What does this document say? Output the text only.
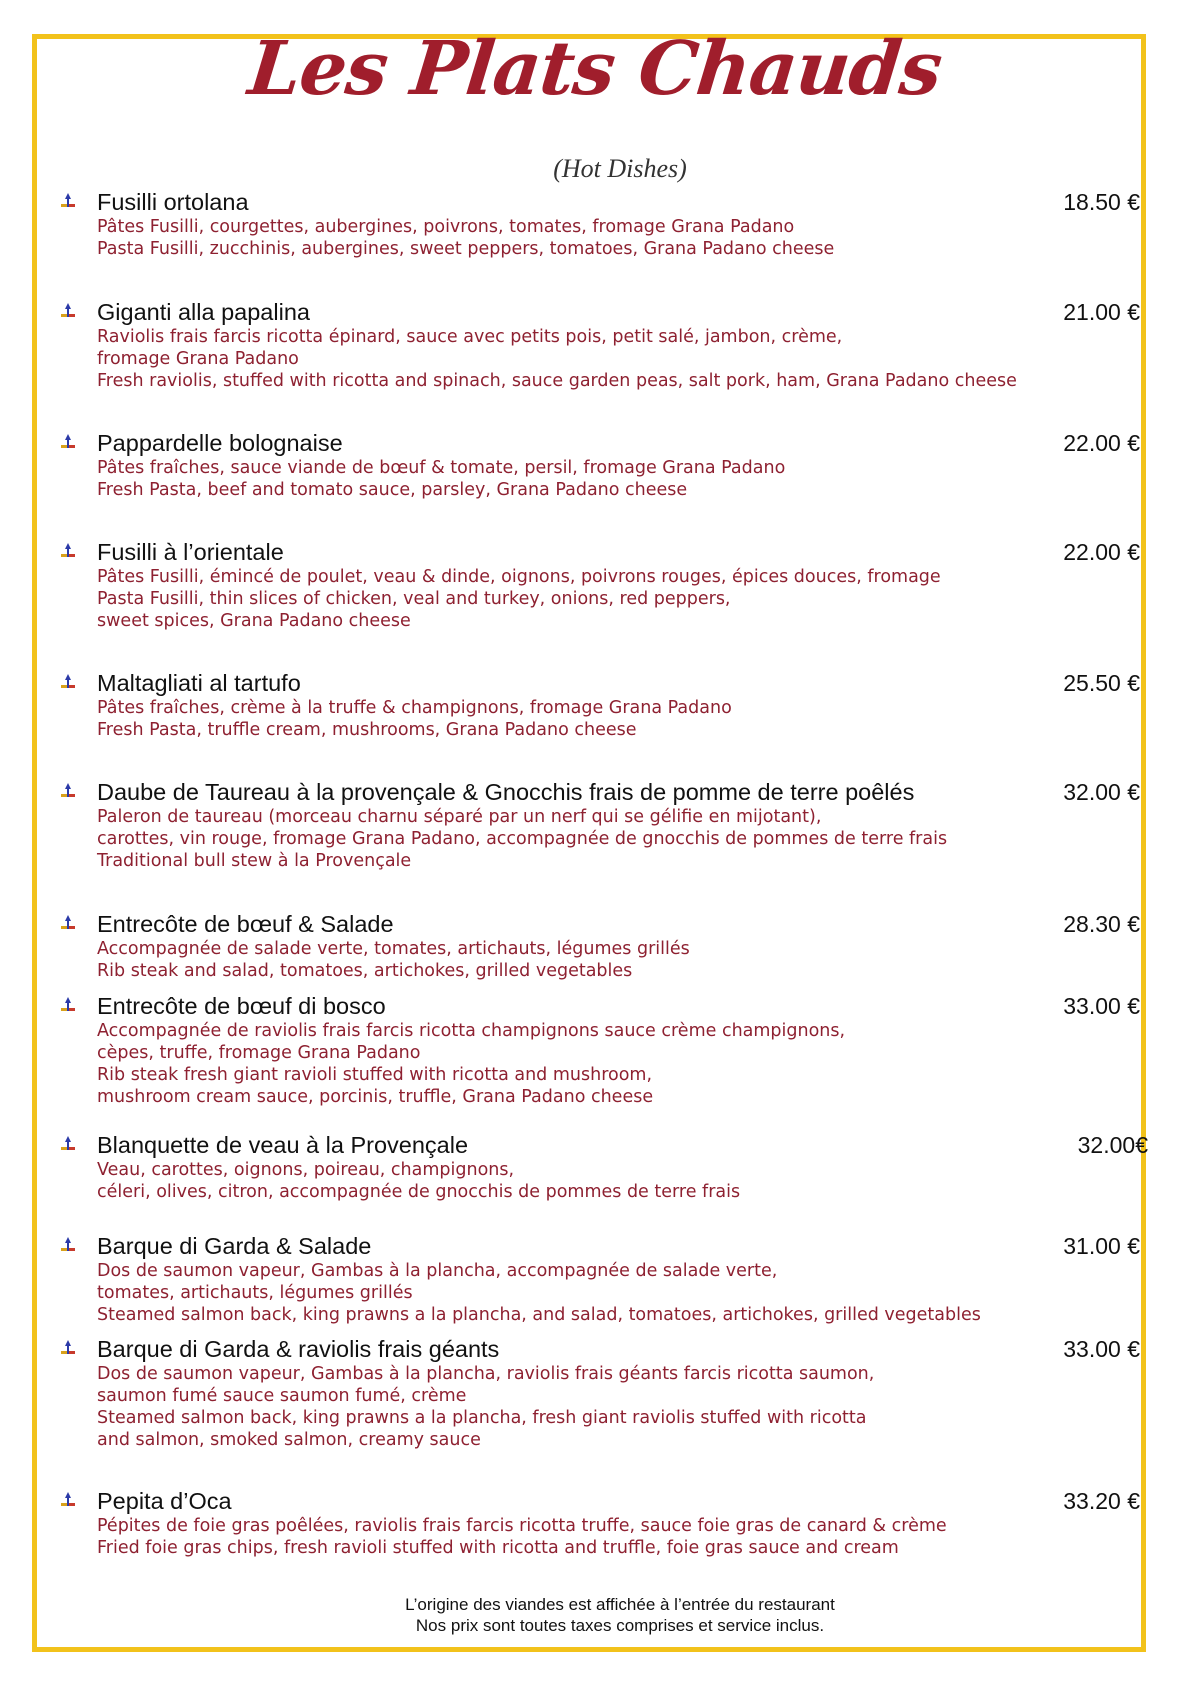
Les Plats Chauds
(Hot Dishes)
Fusilli ortolana	18.50 €
Pâtes Fusilli, courgettes, aubergines, poivrons, tomates, fromage Grana Padano
Pasta Fusilli, zucchinis, aubergines, sweet peppers, tomatoes, Grana Padano cheese
Giganti alla papalina	21.00 €
Raviolis frais farcis ricotta épinard, sauce avec petits pois, petit salé, jambon, crème,
fromage Grana Padano
Fresh raviolis, stuffed with ricotta and spinach, sauce garden peas, salt pork, ham, Grana Padano cheese
Pappardelle bolognaise	22.00 €
Pâtes fraîches, sauce viande de bœuf & tomate, persil, fromage Grana Padano
Fresh Pasta, beef and tomato sauce, parsley, Grana Padano cheese
Fusilli à l’orientale	22.00 €
Pâtes Fusilli, émincé de poulet, veau & dinde, oignons, poivrons rouges, épices douces, fromage
Pasta Fusilli, thin slices of chicken, veal and turkey, onions, red peppers,
sweet spices, Grana Padano cheese
Maltagliati al tartufo	25.50 €
Pâtes fraîches, crème à la truffe & champignons, fromage Grana Padano
Fresh Pasta, truffle cream, mushrooms, Grana Padano cheese
Daube de Taureau à la provençale & Gnocchis frais de pomme de terre poêlés	32.00 €
Paleron de taureau (morceau charnu séparé par un nerf qui se gélifie en mijotant),
carottes, vin rouge, fromage Grana Padano, accompagnée de gnocchis de pommes de terre frais
Traditional bull stew à la Provençale
Entrecôte de bœuf & Salade	28.30 €
Accompagnée de salade verte, tomates, artichauts, légumes grillés
Rib steak and salad, tomatoes, artichokes, grilled vegetables
Entrecôte de bœuf di bosco	33.00 €
Accompagnée de raviolis frais farcis ricotta champignons sauce crème champignons,
cèpes, truffe, fromage Grana Padano
Rib steak fresh giant ravioli stuffed with ricotta and mushroom,
mushroom cream sauce, porcinis, truffle, Grana Padano cheese
Blanquette de veau à la Provençale	32.00€
Veau, carottes, oignons, poireau, champignons,
céleri, olives, citron, accompagnée de gnocchis de pommes de terre frais
Barque di Garda & Salade	31.00 €
Dos de saumon vapeur, Gambas à la plancha, accompagnée de salade verte,
tomates, artichauts, légumes grillés
Steamed salmon back, king prawns a la plancha, and salad, tomatoes, artichokes, grilled vegetables
Barque di Garda & raviolis frais géants	33.00 €
Dos de saumon vapeur, Gambas à la plancha, raviolis frais géants farcis ricotta saumon,
saumon fumé sauce saumon fumé, crème
Steamed salmon back, king prawns a la plancha, fresh giant raviolis stuffed with ricotta
and salmon, smoked salmon, creamy sauce
Pepita d’Oca	33.20 €
Pépites de foie gras poêlées, raviolis frais farcis ricotta truffe, sauce foie gras de canard & crème
Fried foie gras chips, fresh ravioli stuffed with ricotta and truffle, foie gras sauce and cream
L’origine des viandes est affichée à l’entrée du restaurant
Nos prix sont toutes taxes comprises et service inclus.
